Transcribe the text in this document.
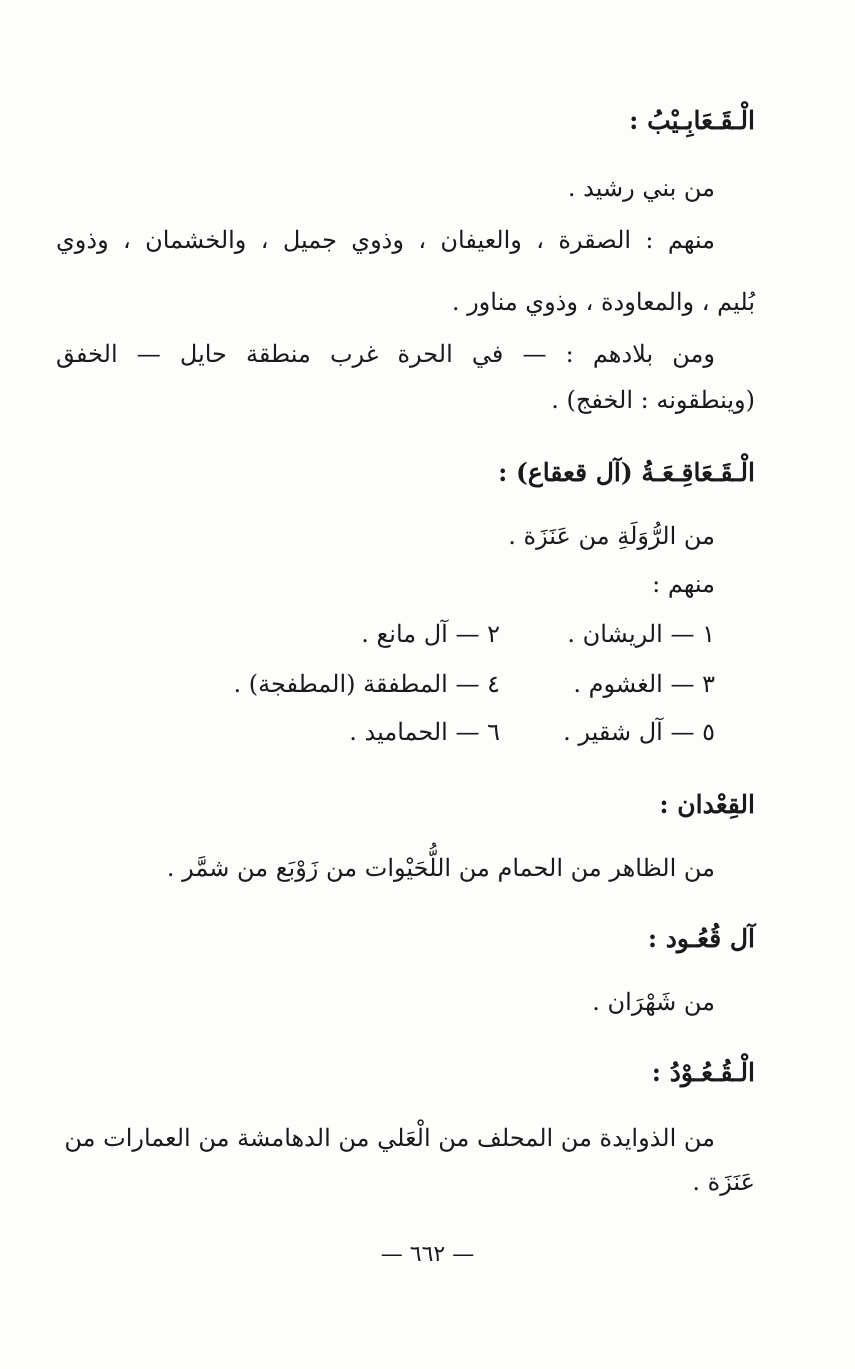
الْـقَـعَابِـيْبُ :
من بني رشيد .
منهم : الصقرة ، والعيفان ، وذوي جميل ، والخشمان ، وذوي
بُليم ، والمعاودة ، وذوي مناور .
ومن بلادهم : — في الحرة غرب منطقة حايل — الخفق
(وينطقونه : الخفج) .
الْـقَـعَاقِـعَـةُ (آل قعقاع) :
من الرُّوَلَةِ من عَنَزَة .
منهم :
١ — الريشان .
٢ — آل مانع .
٣ — الغشوم .
٤ — المطفقة (المطفجة) .
٥ — آل شقير .
٦ — الحماميد .
القِعْدان :
من الظاهر من الحمام من اللُّحَيْوات من زَوْبَع من شمَّر .
آل قُعُـود :
من شَهْرَان .
الْـقُـعُـوْدُ :
من الذوايدة من المحلف من الْعَلي من الدهامشة من العمارات من
عَنَزَة .
— ٦٦٢ —
